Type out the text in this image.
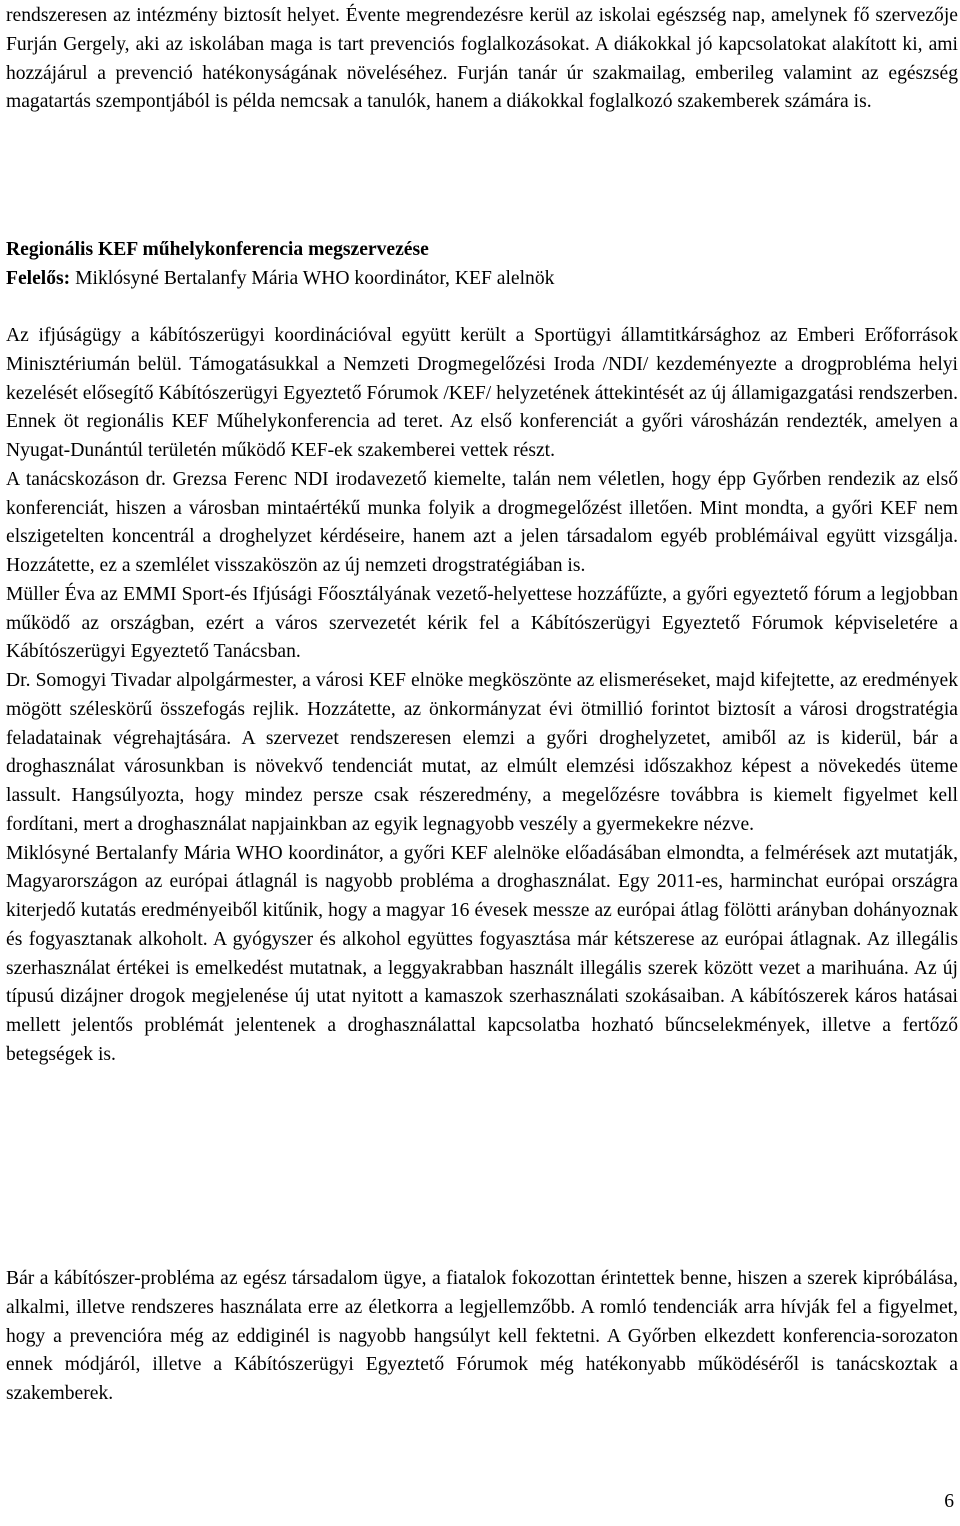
rendszeresen az intézmény biztosít helyet. Évente megrendezésre kerül az iskolai egészség nap, amelynek fő szervezője Furján Gergely, aki az iskolában maga is tart prevenciós foglalkozásokat. A diákokkal jó kapcsolatokat alakított ki, ami hozzájárul a prevenció hatékonyságának növeléséhez. Furján tanár úr szakmailag, emberileg valamint az egészség magatartás szempontjából is példa nemcsak a tanulók, hanem a diákokkal foglalkozó szakemberek számára is.

Regionális KEF műhelykonferencia megszervezése

Felelős: Miklósyné Bertalanfy Mária WHO koordinátor, KEF alelnök

Az ifjúságügy a kábítószerügyi koordinációval együtt került a Sportügyi államtitkársághoz az Emberi Erőforrások Minisztériumán belül. Támogatásukkal a Nemzeti Drogmegelőzési Iroda /NDI/ kezdeményezte a drogprobléma helyi kezelését elősegítő Kábítószerügyi Egyeztető Fórumok /KEF/ helyzetének áttekintését az új államigazgatási rendszerben. Ennek öt regionális KEF Műhelykonferencia ad teret. Az első konferenciát a győri városházán rendezték, amelyen a Nyugat-Dunántúl területén működő KEF-ek szakemberei vettek részt.

A tanácskozáson dr. Grezsa Ferenc NDI irodavezető kiemelte, talán nem véletlen, hogy épp Győrben rendezik az első konferenciát, hiszen a városban mintaértékű munka folyik a drogmegelőzést illetően. Mint mondta, a győri KEF nem elszigetelten koncentrál a droghelyzet kérdéseire, hanem azt a jelen társadalom egyéb problémáival együtt vizsgálja. Hozzátette, ez a szemlélet visszaköszön az új nemzeti drogstratégiában is.

Müller Éva az EMMI Sport-és Ifjúsági Főosztályának vezető-helyettese hozzáfűzte, a győri egyeztető fórum a legjobban működő az országban, ezért a város szervezetét kérik fel a Kábítószerügyi Egyeztető Fórumok képviseletére a Kábítószerügyi Egyeztető Tanácsban.

Dr. Somogyi Tivadar alpolgármester, a városi KEF elnöke megköszönte az elismeréseket, majd kifejtette, az eredmények mögött széleskörű összefogás rejlik. Hozzátette, az önkormányzat évi ötmillió forintot biztosít a városi drogstratégia feladatainak végrehajtására. A szervezet rendszeresen elemzi a győri droghelyzetet, amiből az is kiderül, bár a droghasználat városunkban is növekvő tendenciát mutat, az elmúlt elemzési időszakhoz képest a növekedés üteme lassult. Hangsúlyozta, hogy mindez persze csak részeredmény, a megelőzésre továbbra is kiemelt figyelmet kell fordítani, mert a droghasználat napjainkban az egyik legnagyobb veszély a gyermekekre nézve.

Miklósyné Bertalanfy Mária WHO koordinátor, a győri KEF alelnöke előadásában elmondta, a felmérések azt mutatják, Magyarországon az európai átlagnál is nagyobb probléma a droghasználat. Egy 2011-es, harminchat európai országra kiterjedő kutatás eredményeiből kitűnik, hogy a magyar 16 évesek messze az európai átlag fölötti arányban dohányoznak és fogyasztanak alkoholt. A gyógyszer és alkohol együttes fogyasztása már kétszerese az európai átlagnak. Az illegális szerhasználat értékei is emelkedést mutatnak, a leggyakrabban használt illegális szerek között vezet a marihuána. Az új típusú dizájner drogok megjelenése új utat nyitott a kamaszok szerhasználati szokásaiban. A kábítószerek káros hatásai mellett jelentős problémát jelentenek a droghasználattal kapcsolatba hozható bűncselekmények, illetve a fertőző betegségek is.

Bár a kábítószer-probléma az egész társadalom ügye, a fiatalok fokozottan érintettek benne, hiszen a szerek kipróbálása, alkalmi, illetve rendszeres használata erre az életkorra a legjellemzőbb. A romló tendenciák arra hívják fel a figyelmet, hogy a prevencióra még az eddiginél is nagyobb hangsúlyt kell fektetni. A Győrben elkezdett konferencia-sorozaton ennek módjáról, illetve a Kábítószerügyi Egyeztető Fórumok még hatékonyabb működéséről is tanácskoztak a szakemberek.

6
